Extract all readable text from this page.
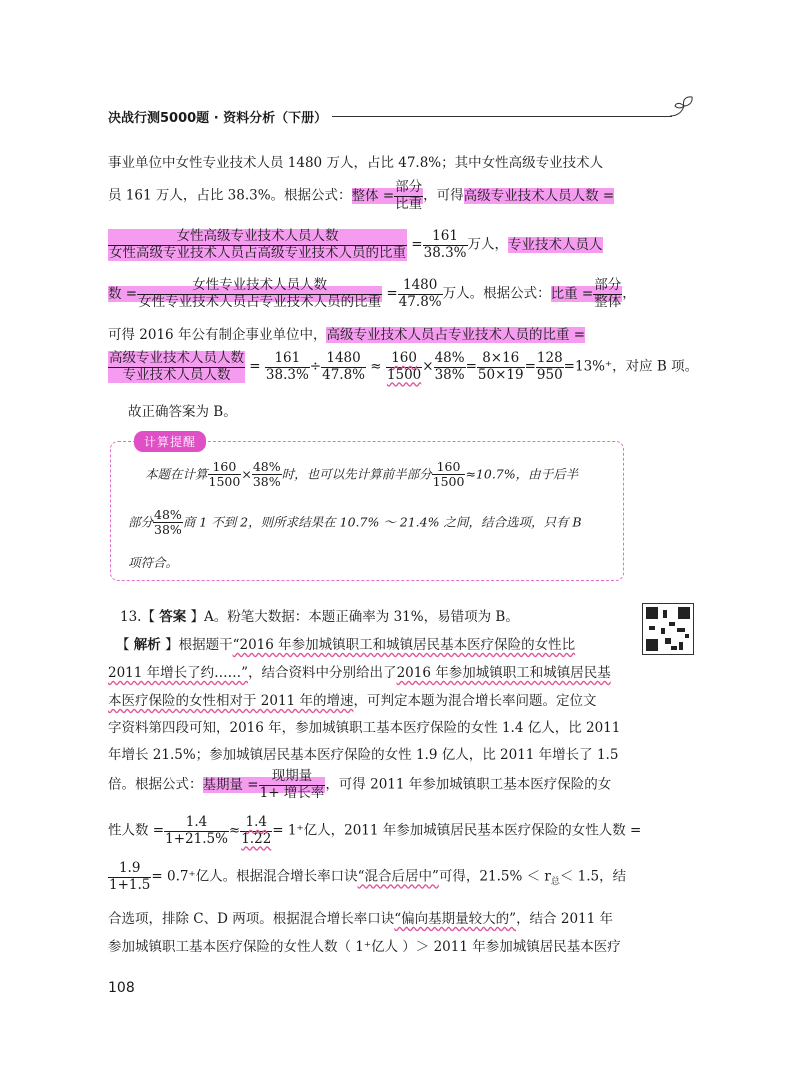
决战行测5000题 · 资料分析（下册）
事业单位中女性专业技术人员 1480 万人，占比 47.8%；其中女性高级专业技术人
员 161 万人，占比 38.3%。根据公式：整体 =
部分
比重 ，可得高级专业技术人员人数 =
女性高级专业技术人员人数
女性高级专业技术人员占高级专业技术人员的比重 = $\frac{161}{38.3\%}$ 万人，专业技术人员人
数 =
女性专业技术人员人数
女性专业技术人员占专业技术人员的比重 = $\frac{1480}{47.8\%}$ 万人。根据公式：比重 =
部分
整体 ，
可得 2016 年公有制企事业单位中，高级专业技术人员占专业技术人员的比重 =
高级专业技术人员人数
专业技术人员人数	= $\frac{161}{38.3\%} \div \frac{1480}{47.8\%} \approx \frac{160}{1500} \times \frac{48\%}{38\%} = \frac{8\times 16}{50\times 19} = \frac{128}{950} =13\%^+$，对应 B 项。
故正确答案为 B。
计算提醒
本题在计算 $\frac{160}{1500} \times \frac{48\%}{38\%}$ 时，也可以先计算前半部分 $\frac{160}{1500} \approx 10.7\%$，由于后半
部分 $\frac{48\%}{38\%}$ 商 1 不到 2，则所求结果在 10.7% ～ 21.4% 之间，结合选项，只有 B
项符合。
13.【 答案 】A。粉笔大数据：本题正确率为 31%，易错项为 B。
【 解析 】根据题干“2016 年参加城镇职工和城镇居民基本医疗保险的女性比
2011 年增长了约……”，结合资料中分别给出了2016 年参加城镇职工和城镇居民基
本医疗保险的女性相对于 2011 年的增速，可判定本题为混合增长率问题。定位文
字资料第四段可知，2016 年，参加城镇职工基本医疗保险的女性 1.4 亿人，比 2011
年增长 21.5%；参加城镇居民基本医疗保险的女性 1.9 亿人，比 2011 年增长了 1.5
倍。根据公式：基期量 =
现期量
1+ 增长率 ，可得 2011 年参加城镇职工基本医疗保险的女
性人数 = $\frac{1.4}{1+21.5\%} \approx \frac{1.4}{1.22} = 1^+$亿人，2011 年参加城镇居民基本医疗保险的女性人数 =
$\frac{1.9}{1+1.5} = 0.7^+$亿人。根据混合增长率口诀“混合后居中”可得，$21.5\% < r_总< 1.5$，结
合选项，排除 C、D 两项。根据混合增长率口诀“偏向基期量较大的”，结合 2011 年
参加城镇职工基本医疗保险的女性人数（ 1⁺亿人 ）＞ 2011 年参加城镇居民基本医疗
108
